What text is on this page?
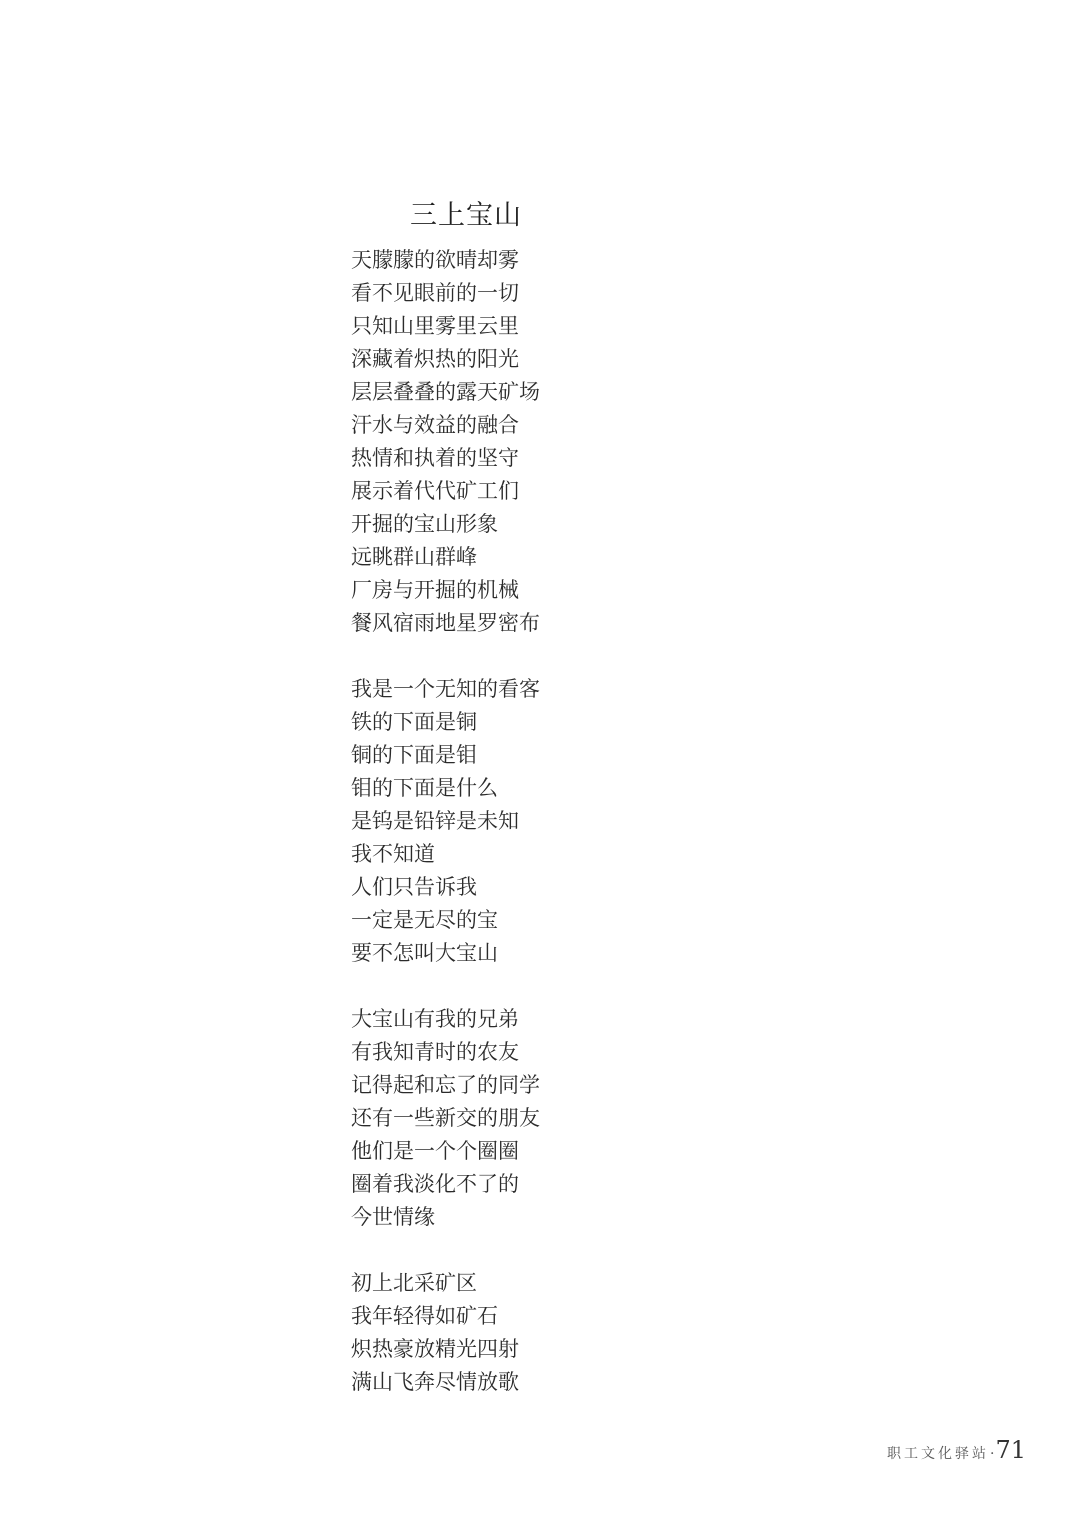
三上宝山
天朦朦的欲晴却雾
看不见眼前的一切
只知山里雾里云里
深藏着炽热的阳光
层层叠叠的露天矿场
汗水与效益的融合
热情和执着的坚守
展示着代代矿工们
开掘的宝山形象
远眺群山群峰
厂房与开掘的机械
餐风宿雨地星罗密布
我是一个无知的看客
铁的下面是铜
铜的下面是钼
钼的下面是什么
是钨是铅锌是未知
我不知道
人们只告诉我
一定是无尽的宝
要不怎叫大宝山
大宝山有我的兄弟
有我知青时的农友
记得起和忘了的同学
还有一些新交的朋友
他们是一个个圈圈
圈着我淡化不了的
今世情缘
初上北采矿区
我年轻得如矿石
炽热豪放精光四射
满山飞奔尽情放歌
职工文化驿站 · 71
